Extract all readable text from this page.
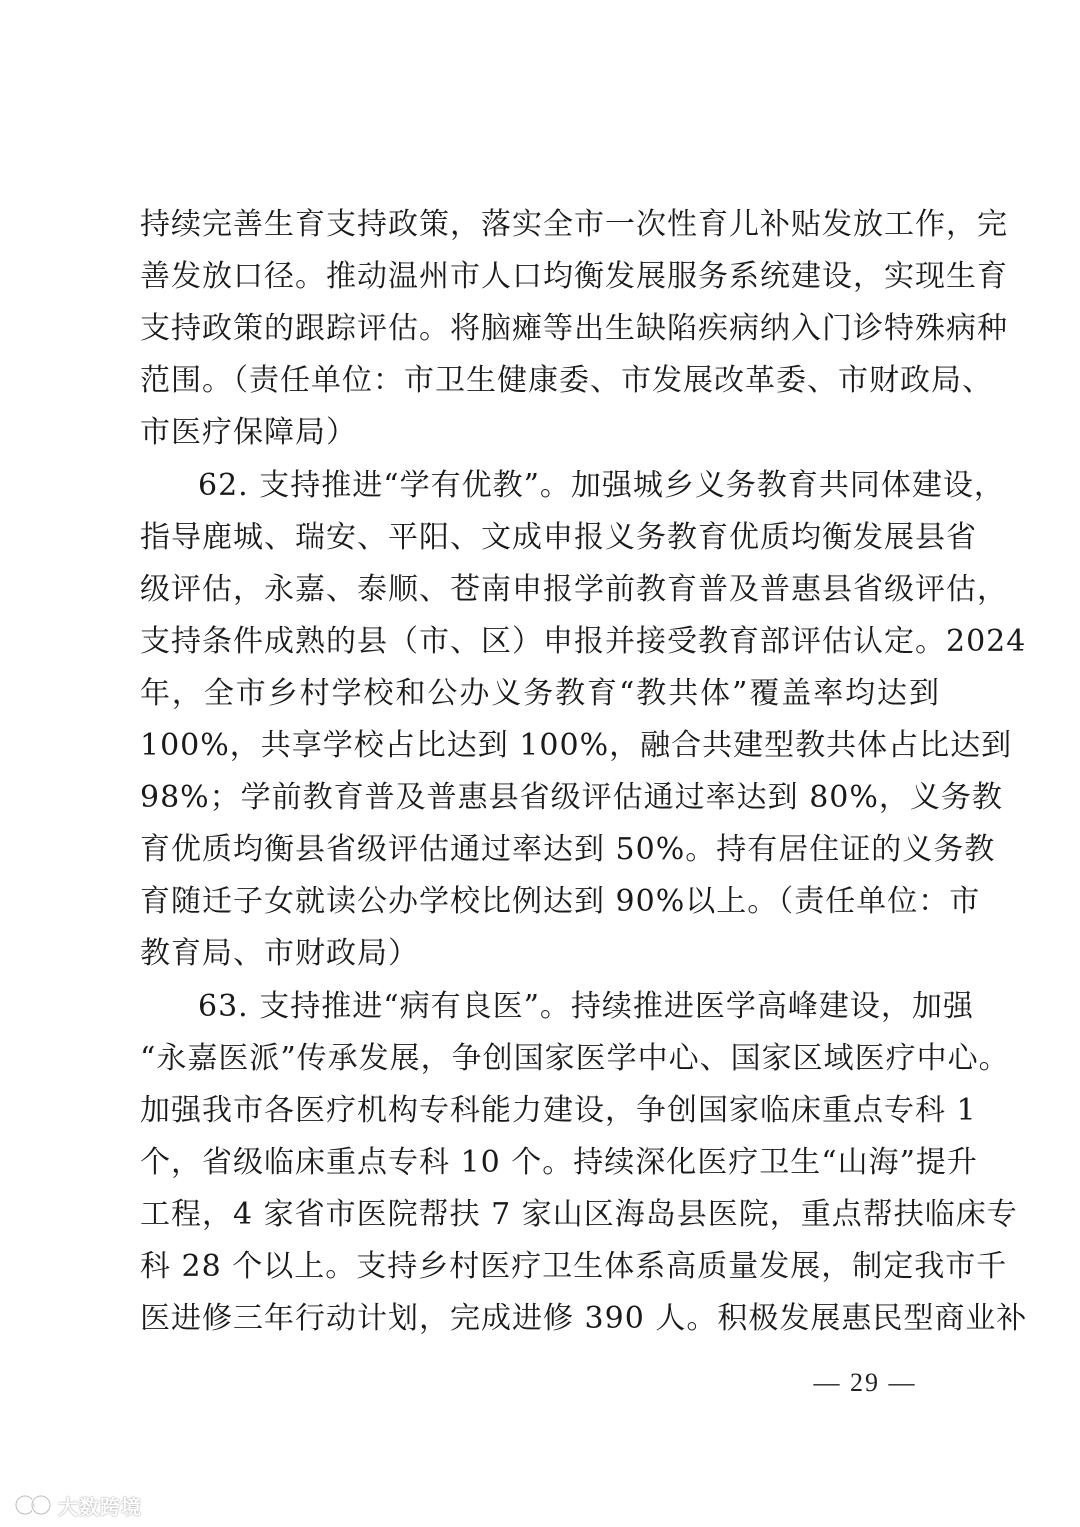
持续完善生育支持政策，落实全市一次性育儿补贴发放工作，完
善发放口径。推动温州市人口均衡发展服务系统建设，实现生育
支持政策的跟踪评估。将脑瘫等出生缺陷疾病纳入门诊特殊病种
范围。（责任单位：市卫生健康委、市发展改革委、市财政局、
市医疗保障局）
62. 支持推进“学有优教”。加强城乡义务教育共同体建设，
指导鹿城、瑞安、平阳、文成申报义务教育优质均衡发展县省
级评估，永嘉、泰顺、苍南申报学前教育普及普惠县省级评估，
支持条件成熟的县（市、区）申报并接受教育部评估认定。2024
年，全市乡村学校和公办义务教育“教共体”覆盖率均达到
100%，共享学校占比达到 100%，融合共建型教共体占比达到
98%；学前教育普及普惠县省级评估通过率达到 80%，义务教
育优质均衡县省级评估通过率达到 50%。持有居住证的义务教
育随迁子女就读公办学校比例达到 90%以上。（责任单位：市
教育局、市财政局）
63. 支持推进“病有良医”。持续推进医学高峰建设，加强
“永嘉医派”传承发展，争创国家医学中心、国家区域医疗中心。
加强我市各医疗机构专科能力建设，争创国家临床重点专科 1
个，省级临床重点专科 10 个。持续深化医疗卫生“山海”提升
工程，4 家省市医院帮扶 7 家山区海岛县医院，重点帮扶临床专
科 28 个以上。支持乡村医疗卫生体系高质量发展，制定我市千
医进修三年行动计划，完成进修 390 人。积极发展惠民型商业补
— 29 —
大数跨境
